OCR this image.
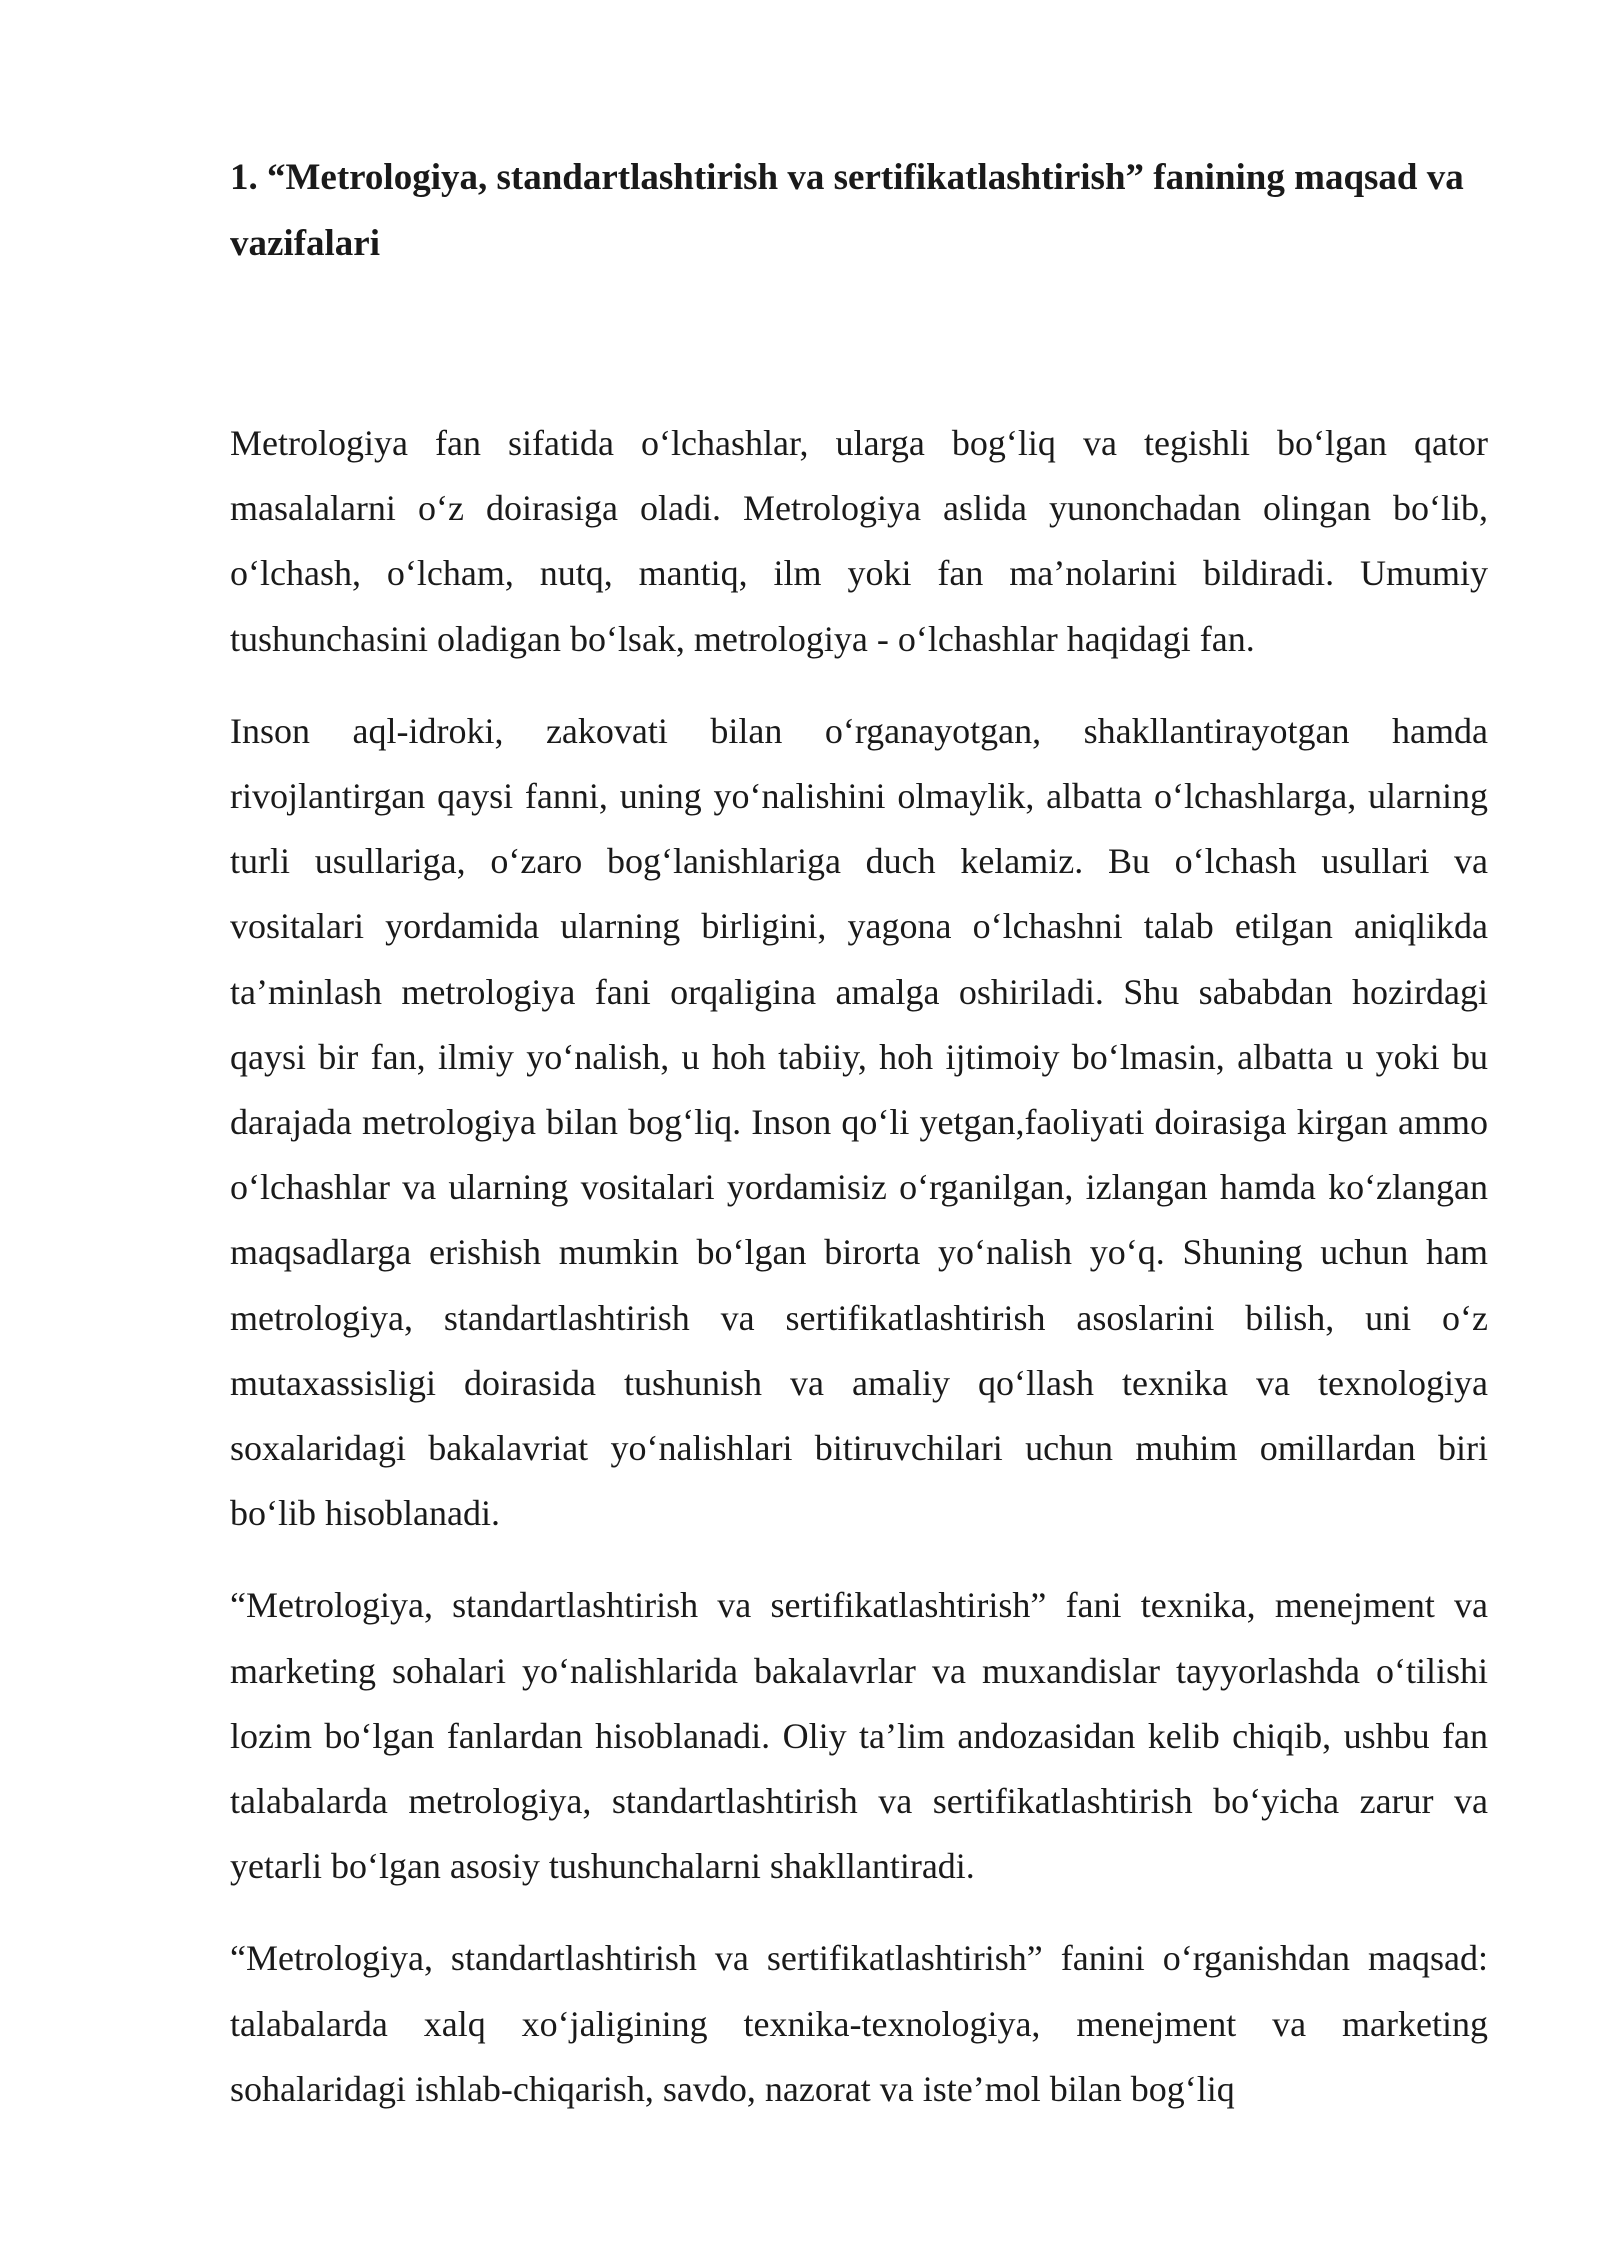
1. “Metrologiya, standartlashtirish va sertifikatlashtirish” fanining maqsad va vazifalari

Metrologiya fan sifatida o‘lchashlar, ularga bog‘liq va tegishli bo‘lgan qator masalalarni o‘z doirasiga oladi. Metrologiya aslida yunonchadan olingan bo‘lib, o‘lchash, o‘lcham, nutq, mantiq, ilm yoki fan ma’nolarini bildiradi. Umumiy tushunchasini oladigan bo‘lsak, metrologiya - o‘lchashlar haqidagi fan.

Inson aql-idroki, zakovati bilan o‘rganayotgan, shakllantirayotgan hamda rivojlantirgan qaysi fanni, uning yo‘nalishini olmaylik, albatta o‘lchashlarga, ularning turli usullariga, o‘zaro bog‘lanishlariga duch kelamiz. Bu o‘lchash usullari va vositalari yordamida ularning birligini, yagona o‘lchashni talab etilgan aniqlikda ta’minlash metrologiya fani orqaligina amalga oshiriladi. Shu sababdan hozirdagi qaysi bir fan, ilmiy yo‘nalish, u hoh tabiiy, hoh ijtimoiy bo‘lmasin, albatta u yoki bu darajada metrologiya bilan bog‘liq. Inson qo‘li yetgan,faoliyati doirasiga kirgan ammo o‘lchashlar va ularning vositalari yordamisiz o‘rganilgan, izlangan hamda ko‘zlangan maqsadlarga erishish mumkin bo‘lgan birorta yo‘nalish yo‘q. Shuning uchun ham metrologiya, standartlashtirish va sertifikatlashtirish asoslarini bilish, uni o‘z mutaxassisligi doirasida tushunish va amaliy qo‘llash texnika va texnologiya soxalaridagi bakalavriat yo‘nalishlari bitiruvchilari uchun muhim omillardan biri bo‘lib hisoblanadi.

“Metrologiya, standartlashtirish va sertifikatlashtirish” fani texnika, menejment va marketing sohalari yo‘nalishlarida bakalavrlar va muxandislar tayyorlashda o‘tilishi lozim bo‘lgan fanlardan hisoblanadi. Oliy ta’lim andozasidan kelib chiqib, ushbu fan talabalarda metrologiya, standartlashtirish va sertifikatlashtirish bo‘yicha zarur va yetarli bo‘lgan asosiy tushunchalarni shakllantiradi.

“Metrologiya, standartlashtirish va sertifikatlashtirish” fanini o‘rganishdan maqsad: talabalarda xalq xo‘jaligining texnika-texnologiya, menejment va marketing sohalaridagi ishlab-chiqarish, savdo, nazorat va iste’mol bilan bog‘liq
